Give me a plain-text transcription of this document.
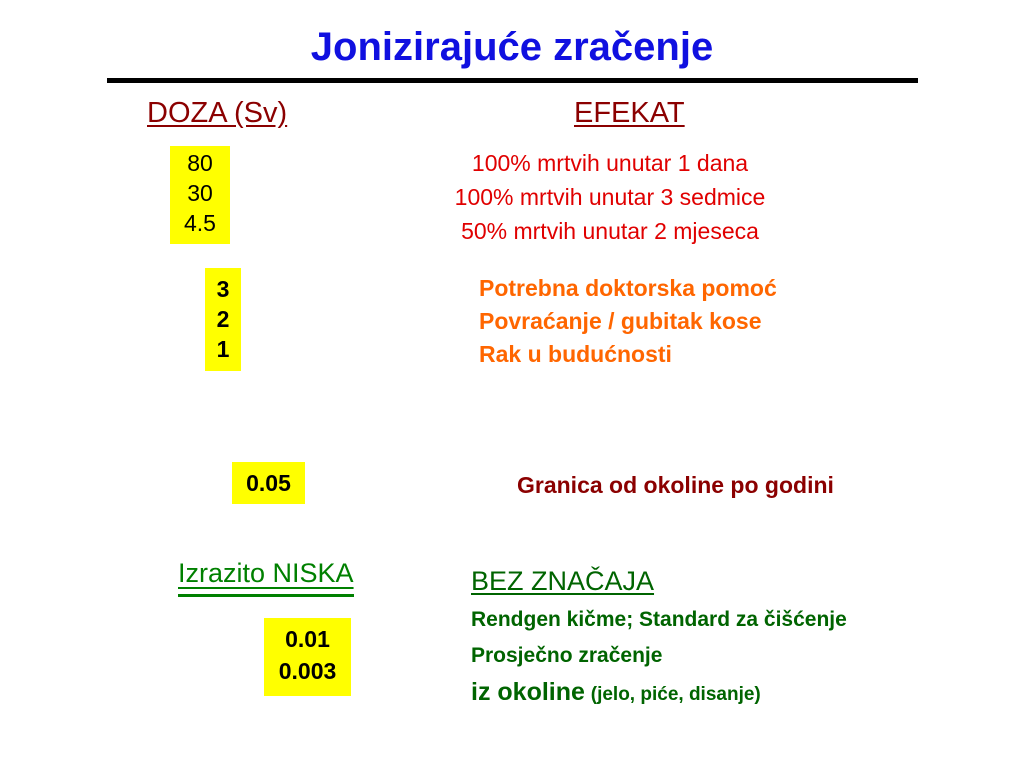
Jonizirajuće zračenje
DOZA (Sv)	EFEKAT
80
30
4.5
100% mrtvih unutar 1 dana
100% mrtvih unutar 3 sedmice
50% mrtvih unutar 2 mjeseca
3
2
1
Potrebna doktorska pomoć
Povraćanje / gubitak kose
Rak u budućnosti
0.05	Granica od okoline po godini
Izrazito NISKA
0.01
0.003
BEZ ZNAČAJA
Rendgen kičme; Standard za čišćenje
Prosječno zračenje
iz okoline (jelo, piće, disanje)
